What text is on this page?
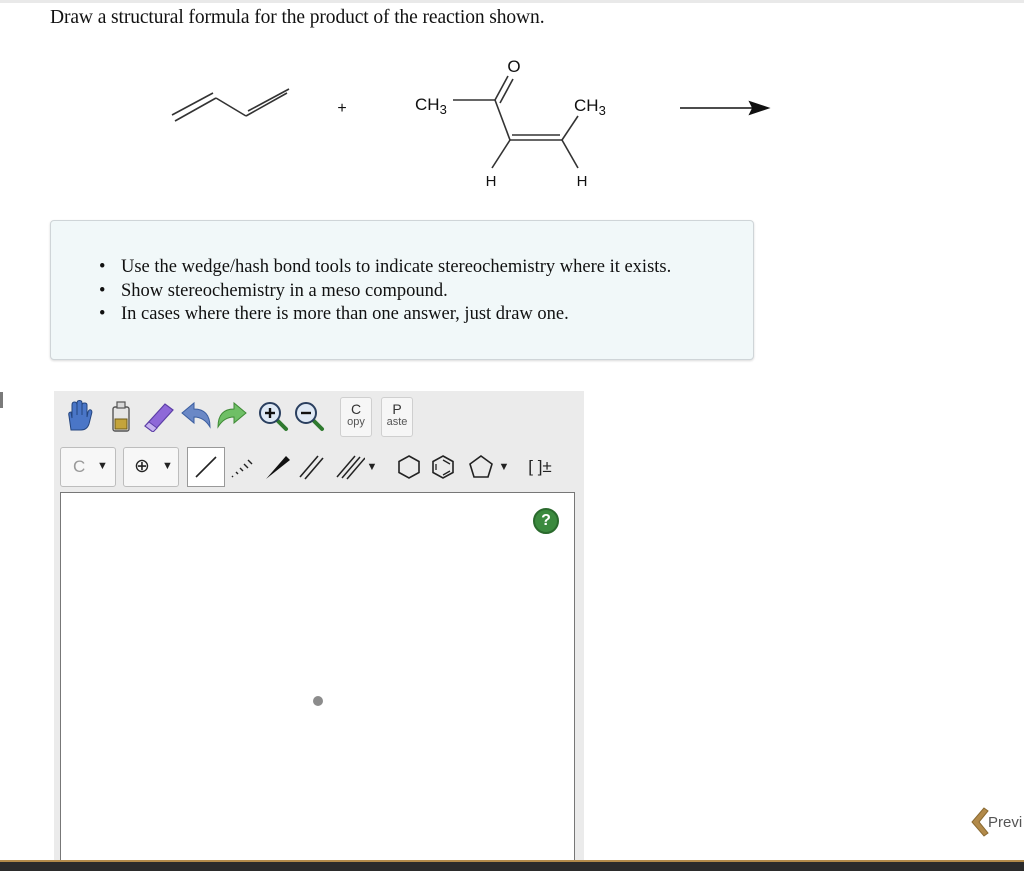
Draw a structural formula for the product of the reaction shown.
+
O
$CH_3$	$CH_3$
H	H
• Use the wedge/hash bond tools to indicate stereochemistry where it exists.
• Show stereochemistry in a meso compound.
• In cases where there is more than one answer, just draw one.
C
opy
P
aste
C ▼ ⊕ ▼	▼	▼ [ ]±
?
Previ
